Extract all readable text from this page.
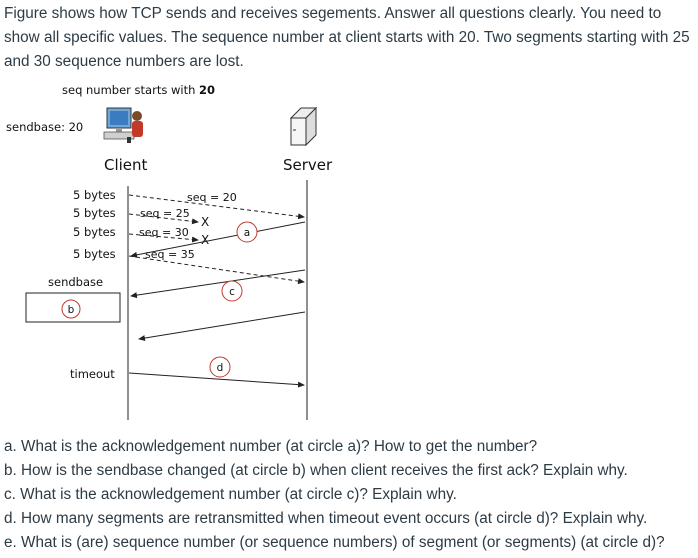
Figure shows how TCP sends and receives segements. Answer all questions clearly. You need to show all specific values. The sequence number at client starts with 20. Two segments starting with 25 and 30 sequence numbers are lost.
seq number starts with 20
sendbase: 20
Client	Server
5 bytes
5 bytes
5 bytes
5 bytes
seq = 20
seq = 25
X
seq = 30
X
seq = 35
a
c
sendbase
b
d
timeout
a. What is the acknowledgement number (at circle a)? How to get the number?
b. How is the sendbase changed (at circle b) when client receives the first ack? Explain why.
c. What is the acknowledgement number (at circle c)? Explain why.
d. How many segments are retransmitted when timeout event occurs (at circle d)? Explain why.
e. What is (are) sequence number (or sequence numbers) of segment (or segments) (at circle d)?
